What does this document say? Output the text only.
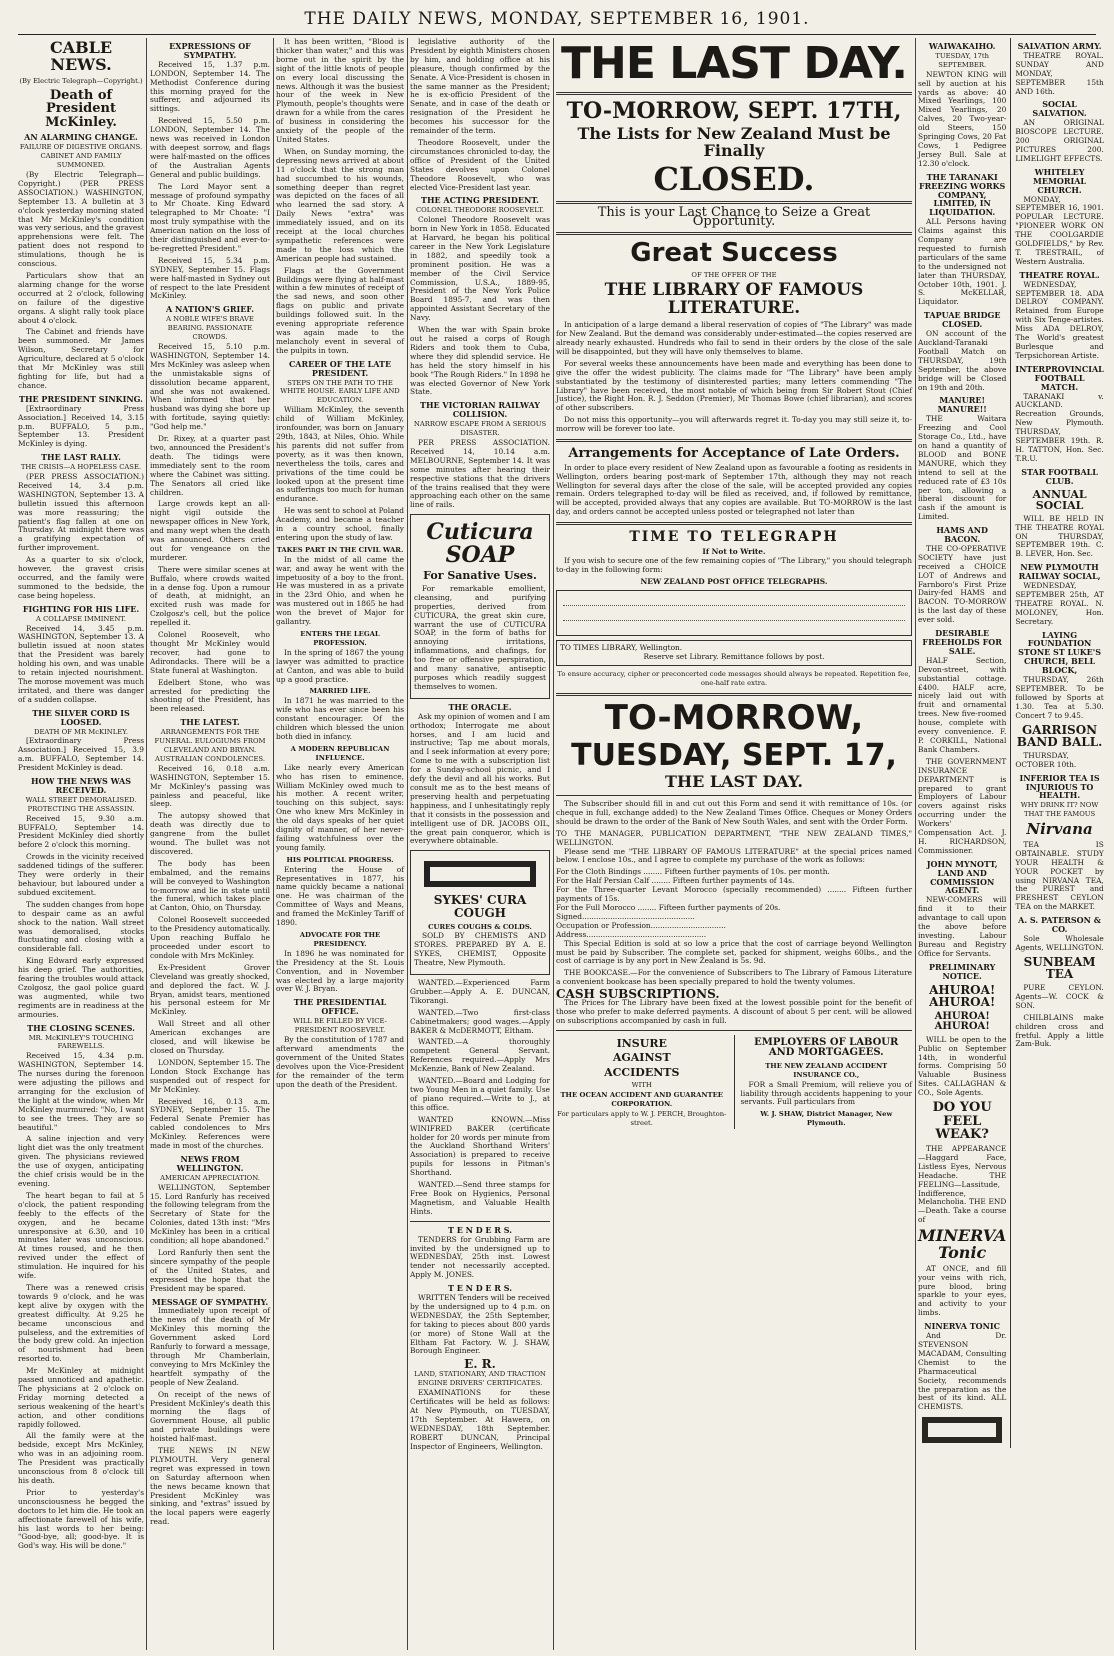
THE DAILY NEWS, MONDAY, SEPTEMBER 16, 1901.
CABLE NEWS.
(By Electric Telegraph—Copyright.)
Death of President McKinley.
AN ALARMING CHANGE.
FAILURE OF DIGESTIVE ORGANS. CABINET AND FAMILY SUMMONED.

(By Electric Telegraph—Copyright.) (PER PRESS ASSOCIATION.) WASHINGTON, September 13. A bulletin at 3 o'clock yesterday morning stated that Mr McKinley's condition was very serious, and the gravest apprehensions were felt. The patient does not respond to stimulations, though he is conscious.

Particulars show that an alarming change for the worse occurred at 2 o'clock, following on failure of the digestive organs. A slight rally took place about 4 o'clock.

The Cabinet and friends have been summoned. Mr James Wilson, Secretary for Agriculture, declared at 5 o'clock that Mr McKinley was still fighting for life, but had a chance.

THE PRESIDENT SINKING.

[Extraordinary Press Association.] Received 14, 3.15 p.m. BUFFALO, 5 p.m., September 13. President McKinley is dying.

THE LAST RALLY.
THE CRISIS—A HOPELESS CASE.

(PER PRESS ASSOCIATION.) Received 14, 3.4 p.m. WASHINGTON, September 13. A bulletin issued this afternoon was more reassuring; the patient's flag fallen at one on Thursday. At midnight there was a gratifying expectation of further improvement.

As a quarter to six o'clock, however, the gravest crisis occurred, and the family were summoned to the bedside, the case being hopeless.

FIGHTING FOR HIS LIFE.
A COLLAPSE IMMINENT.

Received 14, 3.45 p.m. WASHINGTON, September 13. A bulletin issued at noon states that the President was barely holding his own, and was unable to retain injected nourishment. The morose movement was much irritated, and there was danger of a sudden collapse.

THE SILVER CORD IS LOOSED.
DEATH OF MR McKINLEY.

[Extraordinary Press Association.] Received 15, 3.9 a.m. BUFFALO, September 14. President McKinley is dead.

HOW THE NEWS WAS RECEIVED.
WALL STREET DEMORALISED. PROTECTING THE ASSASSIN.

Received 15, 9.30 a.m. BUFFALO, September 14. President McKinley died shortly before 2 o'clock this morning.

Crowds in the vicinity received saddened tidings of the sufferer. They were orderly in their behaviour, but laboured under a subdued excitement.

The sudden changes from hope to despair came as an awful shock to the nation. Wall street was demoralised, stocks fluctuating and closing with a considerable fall.

King Edward early expressed his deep grief. The authorities, fearing the troubles would attack Czolgosz, the gaol police guard was augmented, while two regiments are in readiness at the armouries.

THE CLOSING SCENES.
MR. McKINLEY'S TOUCHING FAREWELLS.

Received 15, 4.34 p.m. WASHINGTON, September 14. The nurses during the forenoon were adjusting the pillows and arranging for the exclusion of the light at the window, when Mr McKinley murmured: "No, I want to see the trees. They are so beautiful."

A saline injection and very light diet was the only treatment given. The physicians reviewed the use of oxygen, anticipating the chief crisis would be in the evening.

The heart began to fail at 5 o'clock, the patient responding feebly to the effects of the oxygen, and he became unresponsive at 6.30, and 10 minutes later was unconscious. At times roused, and he then revived under the effect of stimulation. He inquired for his wife.

There was a renewed crisis towards 9 o'clock, and he was kept alive by oxygen with the greatest difficulty. At 9.25 he became unconscious and pulseless, and the extremities of the body grew cold. An injection of nourishment had been resorted to.

Mr McKinley at midnight passed unnoticed and apathetic. The physicians at 2 o'clock on Friday morning detected a serious weakening of the heart's action, and other conditions rapidly followed.

All the family were at the bedside, except Mrs McKinley, who was in an adjoining room. The President was practically unconscious from 8 o'clock till his death.

Prior to yesterday's unconsciousness he begged the doctors to let him die. He took an affectionate farewell of his wife, his last words to her being: "Good-bye, all; good-bye. It is God's way. His will be done."

EXPRESSIONS OF SYMPATHY.

Received 15, 1.37 p.m. LONDON, September 14. The Methodist Conference during this morning prayed for the sufferer, and adjourned its sittings.

Received 15, 5.50 p.m. LONDON, September 14. The news was received in London with deepest sorrow, and flags were half-masted on the offices of the Australian Agents General and public buildings.

The Lord Mayor sent a message of profound sympathy to Mr Choate. King Edward telegraphed to Mr Choate: "I most truly sympathise with the American nation on the loss of their distinguished and ever-to-be-regretted President."

Received 15, 5.34 p.m. SYDNEY, September 15. Flags were half-masted in Sydney out of respect to the late President McKinley.

A NATION'S GRIEF.
A NOBLE WIFE'S BRAVE BEARING. PASSIONATE CROWDS.

Received 15, 5.10 p.m. WASHINGTON, September 14. Mrs McKinley was asleep when the unmistakable signs of dissolution became apparent, and she was not awakened. When informed that her husband was dying she bore up with fortitude, saying quietly: "God help me."

Dr. Rixey, at a quarter past two, announced the President's death. The tidings were immediately sent to the room where the Cabinet was sitting. The Senators all cried like children.

Large crowds kept an all-night vigil outside the newspaper offices in New York, and many wept when the death was announced. Others cried out for vengeance on the murderer.

There were similar scenes at Buffalo, where crowds waited in a dense fog. Upon a rumour of death, at midnight, an excited rush was made for Czolgosz's cell, but the police repelled it.

Colonel Roosevelt, who thought Mr McKinley would recover, had gone to Adirondacks. There will be a State funeral at Washington.

Edelbert Stone, who was arrested for predicting the shooting of the President, has been released.

THE LATEST.
ARRANGEMENTS FOR THE FUNERAL. EULOGIUMS FROM CLEVELAND AND BRYAN. AUSTRALIAN CONDOLENCES.

Received 16, 0.18 a.m. WASHINGTON, September 15. Mr McKinley's passing was painless and peaceful, like sleep.

The autopsy showed that death was directly due to gangrene from the bullet wound. The bullet was not discovered.

The body has been embalmed, and the remains will be conveyed to Washington to-morrow and lie in state until the funeral, which takes place at Canton, Ohio, on Thursday.

Colonel Roosevelt succeeded to the Presidency automatically. Upon reaching Buffalo he proceeded under escort to condole with Mrs McKinley.

Ex-President Grover Cleveland was greatly shocked, and deplored the fact. W. J. Bryan, amidst tears, mentioned his personal esteem for Mr McKinley.

Wall Street and all other American exchanges are closed, and will likewise be closed on Thursday.

LONDON, September 15. The London Stock Exchange has suspended out of respect for Mr McKinley.

Received 16, 0.13 a.m. SYDNEY, September 15. The Federal Senate Premier has cabled condolences to Mrs McKinley. References were made in most of the churches.

NEWS FROM WELLINGTON.
AMERICAN APPRECIATION.

WELLINGTON, September 15. Lord Ranfurly has received the following telegram from the Secretary of State for the Colonies, dated 13th inst: "Mrs McKinley has been in a critical condition; all hope abandoned."

Lord Ranfurly then sent the sincere sympathy of the people of the United States, and expressed the hope that the President may be spared.

MESSAGE OF SYMPATHY.

Immediately upon receipt of the news of the death of Mr McKinley this morning the Government asked Lord Ranfurly to forward a message, through Mr Chamberlain, conveying to Mrs McKinley the heartfelt sympathy of the people of New Zealand.

On receipt of the news of President McKinley's death this morning the flags of Government House, all public and private buildings were hoisted half-mast.

THE NEWS IN NEW PLYMOUTH. Very general regret was expressed in town on Saturday afternoon when the news became known that President McKinley was sinking, and "extras" issued by the local papers were eagerly read.

It has been written, "Blood is thicker than water," and this was borne out in the spirit by the sight of the little knots of people on every local discussing the news. Although it was the busiest hour of the week in New Plymouth, people's thoughts were drawn for a while from the cares of business in considering the anxiety of the people of the United States.

When, on Sunday morning, the depressing news arrived at about 11 o'clock that the strong man had succumbed to his wounds, something deeper than regret was depicted on the faces of all who learned the sad story. A Daily News "extra" was immediately issued, and on its receipt at the local churches sympathetic references were made to the loss which the American people had sustained.

Flags at the Government Buildings were flying at half-mast within a few minutes of receipt of the sad news, and soon other flags on public and private buildings followed suit. In the evening appropriate reference was again made to the melancholy event in several of the pulpits in town.

CAREER OF THE LATE PRESIDENT.
STEPS ON THE PATH TO THE WHITE HOUSE. EARLY LIFE AND EDUCATION.

William McKinley, the seventh child of William McKinley, ironfounder, was born on January 29th, 1843, at Niles, Ohio. While his parents did not suffer from poverty, as it was then known, nevertheless the toils, cares and privations of the time could be looked upon at the present time as sufferings too much for human endurance.

He was sent to school at Poland Academy, and became a teacher in a country school, finally entering upon the study of law.

TAKES PART IN THE CIVIL WAR.

In the midst of all came the war, and away he went with the impetuosity of a boy to the front. He was mustered in as a private in the 23rd Ohio, and when he was mustered out in 1865 he had won the brevet of Major for gallantry.

ENTERS THE LEGAL PROFESSION.

In the spring of 1867 the young lawyer was admitted to practice at Canton, and was able to build up a good practice.

MARRIED LIFE.

In 1871 he was married to the wife who has ever since been his constant encourager. Of the children which blessed the union both died in infancy.

A MODERN REPUBLICAN INFLUENCE.

Like nearly every American who has risen to eminence, William McKinley owed much to his mother. A recent writer, touching on this subject, says: One who knew Mrs McKinley in the old days speaks of her quiet dignity of manner, of her never-failing watchfulness over the young family.

HIS POLITICAL PROGRESS.

Entering the House of Representatives in 1877, his name quickly became a national one. He was chairman of the Committee of Ways and Means, and framed the McKinley Tariff of 1890.

ADVOCATE FOR THE PRESIDENCY.

In 1896 he was nominated for the Presidency at the St. Louis Convention, and in November was elected by a large majority over W. J. Bryan.

THE PRESIDENTIAL OFFICE.
WILL BE FILLED BY VICE-PRESIDENT ROOSEVELT.

By the constitution of 1787 and afterward amendments the government of the United States devolves upon the Vice-President for the remainder of the term upon the death of the President.

legislative authority of the President by eighth Ministers chosen by him, and holding office at his pleasure, though confirmed by the Senate. A Vice-President is chosen in the same manner as the President; he is ex-officio President of the Senate, and in case of the death or resignation of the President he becomes his successor for the remainder of the term.

Theodore Roosevelt, under the circumstances chronicled to-day, the office of President of the United States devolves upon Colonel Theodore Roosevelt, who was elected Vice-President last year.

THE ACTING PRESIDENT.
COLONEL THEODORE ROOSEVELT.

Colonel Theodore Roosevelt was born in New York in 1858. Educated at Harvard, he began his political career in the New York Legislature in 1882, and speedily took a prominent position. He was a member of the Civil Service Commission, U.S.A., 1889-95, President of the New York Police Board 1895-7, and was then appointed Assistant Secretary of the Navy.

When the war with Spain broke out he raised a corps of Rough Riders and took them to Cuba, where they did splendid service. He has held the story himself in his book "The Rough Riders." In 1898 he was elected Governor of New York State.

THE VICTORIAN RAILWAY COLLISION.
NARROW ESCAPE FROM A SERIOUS DISASTER.

PER PRESS ASSOCIATION. Received 14, 10.14 a.m. MELBOURNE, September 14. It was some minutes after hearing their respective stations that the drivers of the trains realised that they were approaching each other on the same line of rails.

Cuticura SOAP
For Sanative Uses.

For remarkable emollient, cleansing, and purifying properties, derived from CUTICURA, the great skin cure, warrant the use of CUTICURA SOAP, in the form of baths for annoying irritations, inflammations, and chafings, for too free or offensive perspiration, and many sanative, antiseptic purposes which readily suggest themselves to women.

THE ORACLE.

Ask my opinion of women and I am orthodox; Interrogate me about horses, and I am lucid and instructive; Tap me about morals, and I seek information at every pore; Come to me with a subscription list for a Sunday-school picnic, and I defy the devil and all his works. But consult me as to the best means of preserving health and perpetuating happiness, and I unhesitatingly reply that it consists in the possession and intelligent use of DR. JACOBS OIL, the great pain conqueror, which is everywhere obtainable.

SYKES' CURA COUGH
CURES COUGHS & COLDS.

SOLD BY CHEMISTS AND STORES. PREPARED BY A. E. SYKES, CHEMIST, Opposite Theatre, New Plymouth.

WANTED.—Experienced Farm Grubber.—Apply A. E. DUNCAN, Tikorangi.

WANTED.—Two first-class Cabinetmakers; good wages.—Apply BAKER & McDERMOTT, Eltham.

WANTED.—A thoroughly competent General Servant. References required.—Apply Mrs McKenzie, Bank of New Zealand.

WANTED.—Board and Lodging for two Young Men in a quiet family. Use of piano required.—Write to J., at this office.

WANTED KNOWN.—Miss WINIFRED BAKER (certificate holder for 20 words per minute from the Auckland Shorthand Writers' Association) is prepared to receive pupils for lessons in Pitman's Shorthand.

WANTED.—Send three stamps for Free Book on Hygienics, Personal Magnetism, and Valuable Health Hints.

T E N D E R S.

TENDERS for Grubbing Farm are invited by the undersigned up to WEDNESDAY, 25th inst. Lowest tender not necessarily accepted. Apply M. JONES.

T E N D E R S.

WRITTEN Tenders will be received by the undersigned up to 4 p.m. on WEDNESDAY, the 25th September, for taking to pieces about 800 yards (or more) of Stone Wall at the Eltham Fat Factory. W. J. SHAW, Borough Engineer.

E. R.
LAND, STATIONARY, AND TRACTION ENGINE DRIVERS' CERTIFICATES.

EXAMINATIONS for these Certificates will be held as follows: At New Plymouth, on TUESDAY, 17th September. At Hawera, on WEDNESDAY, 18th September. ROBERT DUNCAN, Principal Inspector of Engineers, Wellington.

THE LAST DAY.
TO-MORROW, SEPT. 17TH,
The Lists for New Zealand Must be Finally
CLOSED.
This is your Last Chance to Seize a Great Opportunity.
Great Success
OF THE OFFER OF THE
THE LIBRARY OF FAMOUS LITERATURE.

In anticipation of a large demand a liberal reservation of copies of "The Library" was made for New Zealand. But the demand was considerably under-estimated—the copies reserved are already nearly exhausted. Hundreds who fail to send in their orders by the close of the sale will be disappointed, but they will have only themselves to blame.

For several weeks these announcements have been made and everything has been done to give the offer the widest publicity. The claims made for "The Library" have been amply substantiated by the testimony of disinterested parties; many letters commending "The Library" have been received, the most notable of which being from Sir Robert Stout (Chief Justice), the Right Hon. R. J. Seddon (Premier), Mr Thomas Bowe (chief librarian), and scores of other subscribers.

Do not miss this opportunity—you will afterwards regret it. To-day you may still seize it, to-morrow will be forever too late.

Arrangements for Acceptance of Late Orders.

In order to place every resident of New Zealand upon as favourable a footing as residents in Wellington, orders bearing post-mark of September 17th, although they may not reach Wellington for several days after the close of the sale, will be accepted provided any copies remain. Orders telegraphed to-day will be filed as received, and, if followed by remittance, will be accepted, provided always that any copies are available. But TO-MORROW is the last day, and orders cannot be accepted unless posted or telegraphed not later than

TIME TO TELEGRAPH
If Not to Write.

If you wish to secure one of the few remaining copies of "The Library," you should telegraph to-day in the following form:

NEW ZEALAND POST OFFICE TELEGRAPHS.
TO TIMES LIBRARY, Wellington.
Reserve set Library. Remittance follows by post.
To ensure accuracy, cipher or preconcerted code messages should always be repeated. Repetition fee, one-half rate extra.
TO-MORROW,
TUESDAY, SEPT. 17,
THE LAST DAY.

The Subscriber should fill in and cut out this Form and send it with remittance of 10s. (or cheque in full, exchange added) to the New Zealand Times Office. Cheques or Money Orders should be drawn to the order of the Bank of New South Wales, and sent with the Order Form.

TO THE MANAGER, PUBLICATION DEPARTMENT, "THE NEW ZEALAND TIMES," WELLINGTON.

Please send me "THE LIBRARY OF FAMOUS LITERATURE" at the special prices named below. I enclose 10s., and I agree to complete my purchase of the work as follows:

For the Cloth Bindings ........ Fifteen further payments of 10s. per month.
For the Half Persian Calf ........ Fifteen further payments of 14s.
For the Three-quarter Levant Morocco (specially recommended) ........ Fifteen further payments of 15s.
For the Full Morocco ........ Fifteen further payments of 20s.
Signed................................................
Occupation or Profession................................
Address...................................................

This Special Edition is sold at so low a price that the cost of carriage beyond Wellington must be paid by Subscriber. The complete set, packed for shipment, weighs 60lbs., and the cost of carriage is by any port in New Zealand is 5s. 9d.

THE BOOKCASE.—For the convenience of Subscribers to The Library of Famous Literature a convenient bookcase has been specially prepared to hold the twenty volumes.

CASH SUBSCRIPTIONS.

The Prices for The Library have been fixed at the lowest possible point for the benefit of those who prefer to make deferred payments. A discount of about 5 per cent. will be allowed on subscriptions accompanied by cash in full.

INSURE
AGAINST
ACCIDENTS
WITH
THE OCEAN ACCIDENT AND GUARANTEE CORPORATION.
For particulars apply to W. J. PERCH, Broughton-street.
EMPLOYERS OF LABOUR AND MORTGAGEES.
THE NEW ZEALAND ACCIDENT INSURANCE CO.,

FOR a Small Premium, will relieve you of liability through accidents happening to your servants. Full particulars from

W. J. SHAW, District Manager, New Plymouth.
WAIWAKAIHO.
TUESDAY, 17th SEPTEMBER.

NEWTON KING will sell by auction at his yards as above: 40 Mixed Yearlings, 100 Mixed Yearlings, 20 Calves, 20 Two-year-old Steers, 150 Springing Cows, 20 Fat Cows, 1 Pedigree Jersey Bull. Sale at 12.30 o'clock.

THE TARANAKI FREEZING WORKS COMPANY, LIMITED, IN LIQUIDATION.

ALL Persons having Claims against this Company are requested to furnish particulars of the same to the undersigned not later than THURSDAY, October 10th, 1901. J. S. McKELLAR, Liquidator.

TAPUAE BRIDGE CLOSED.

ON account of the Auckland-Taranaki Football Match on THURSDAY, 19th September, the above bridge will be Closed on 19th and 20th.

MANURE! MANURE!!

THE Waitara Freezing and Cool Storage Co., Ltd., have on hand a quantity of BLOOD and BONE MANURE, which they intend to sell at the reduced rate of £3 10s per ton, allowing a liberal discount for cash if the amount is Limited.

HAMS AND BACON.

THE CO-OPERATIVE SOCIETY have just received a CHOICE LOT of Andrews and Farnboro's First Prize Dairy-fed HAMS and BACON. TO-MORROW is the last day of these ever sold.

DESIRABLE FREEHOLDS FOR SALE.

HALF Section, Devon-street, with substantial cottage. £400. HALF acre, nicely laid out with fruit and ornamental trees. New five-roomed house, complete with every convenience. F. P. CORKILL, National Bank Chambers.

THE GOVERNMENT INSURANCE DEPARTMENT is prepared to grant Employers of Labour covers against risks occurring under the Workers' Compensation Act. J. H. RICHARDSON, Commissioner.

JOHN MYNOTT, LAND AND COMMISSION AGENT.

NEW-COMERS will find it to their advantage to call upon the above before investing. Labour Bureau and Registry Office for Servants.

PRELIMINARY NOTICE.
AHUROA! AHUROA!
AHUROA! AHUROA!

WILL be open to the Public on September 14th, in wonderful forms. Comprising 50 Valuable Business Sites. CALLAGHAN & CO., Sole Agents.

DO YOU FEEL WEAK?

THE APPEARANCE—Haggard Face, Listless Eyes, Nervous Headache. THE FEELING—Lassitude, Indifference, Melancholia. THE END—Death. Take a course of

MINERVA Tonic

AT ONCE, and fill your veins with rich, pure blood, bring sparkle to your eyes, and activity to your limbs.

NINERVA TONIC

And Dr. STEVENSON MACADAM, Consulting Chemist to the Pharmaceutical Society, recommends the preparation as the best of its kind. ALL CHEMISTS.

SALVATION ARMY.

THEATRE ROYAL. SUNDAY AND MONDAY, SEPTEMBER 15th AND 16th.

SOCIAL SALVATION.

AN ORIGINAL BIOSCOPE LECTURE. 200 ORIGINAL PICTURES 200. LIMELIGHT EFFECTS.

WHITELEY MEMORIAL CHURCH.

MONDAY, SEPTEMBER 16, 1901. POPULAR LECTURE. "PIONEER WORK ON THE COOLGARDIE GOLDFIELDS," by Rev. T. TRESTRAIL, of Western Australia.

THEATRE ROYAL.

WEDNESDAY, SEPTEMBER 18. ADA DELROY COMPANY. Retained from Europe with Six Tenge-artistes. Miss ADA DELROY, The World's greatest Burlesque and Terpsichorean Artiste.

INTERPROVINCIAL FOOTBALL MATCH.

TARANAKI v. AUCKLAND. Recreation Grounds, New Plymouth. THURSDAY, SEPTEMBER 19th. R. H. TATTON, Hon. Sec. T.R.U.

STAR FOOTBALL CLUB.
ANNUAL SOCIAL

WILL BE HELD IN THE THEATRE ROYAL ON THURSDAY, SEPTEMBER 19th. C. B. LEVER, Hon. Sec.

NEW PLYMOUTH RAILWAY SOCIAL,

WEDNESDAY, SEPTEMBER 25th, AT THEATRE ROYAL. N. MOLONEY, Hon. Secretary.

LAYING FOUNDATION STONE ST LUKE'S CHURCH, BELL BLOCK,

THURSDAY, 26th SEPTEMBER. To be followed by Sports at 1.30. Tea at 5.30. Concert 7 to 9.45.

GARRISON BAND BALL.

THURSDAY, OCTOBER 10th.

INFERIOR TEA IS INJURIOUS TO HEALTH.
WHY DRINK IT? NOW THAT THE FAMOUS
Nirvana

TEA IS OBTAINABLE. STUDY YOUR HEALTH & YOUR POCKET by using NIRVANA TEA, the PUREST and FRESHEST CEYLON TEA on the MARKET.

A. S. PATERSON & CO.

Sole Wholesale Agents, WELLINGTON.

SUNBEAM TEA

PURE CEYLON. Agents—W. COCK & SON.

CHILBLAINS make children cross and fretful. Apply a little Zam-Buk.
